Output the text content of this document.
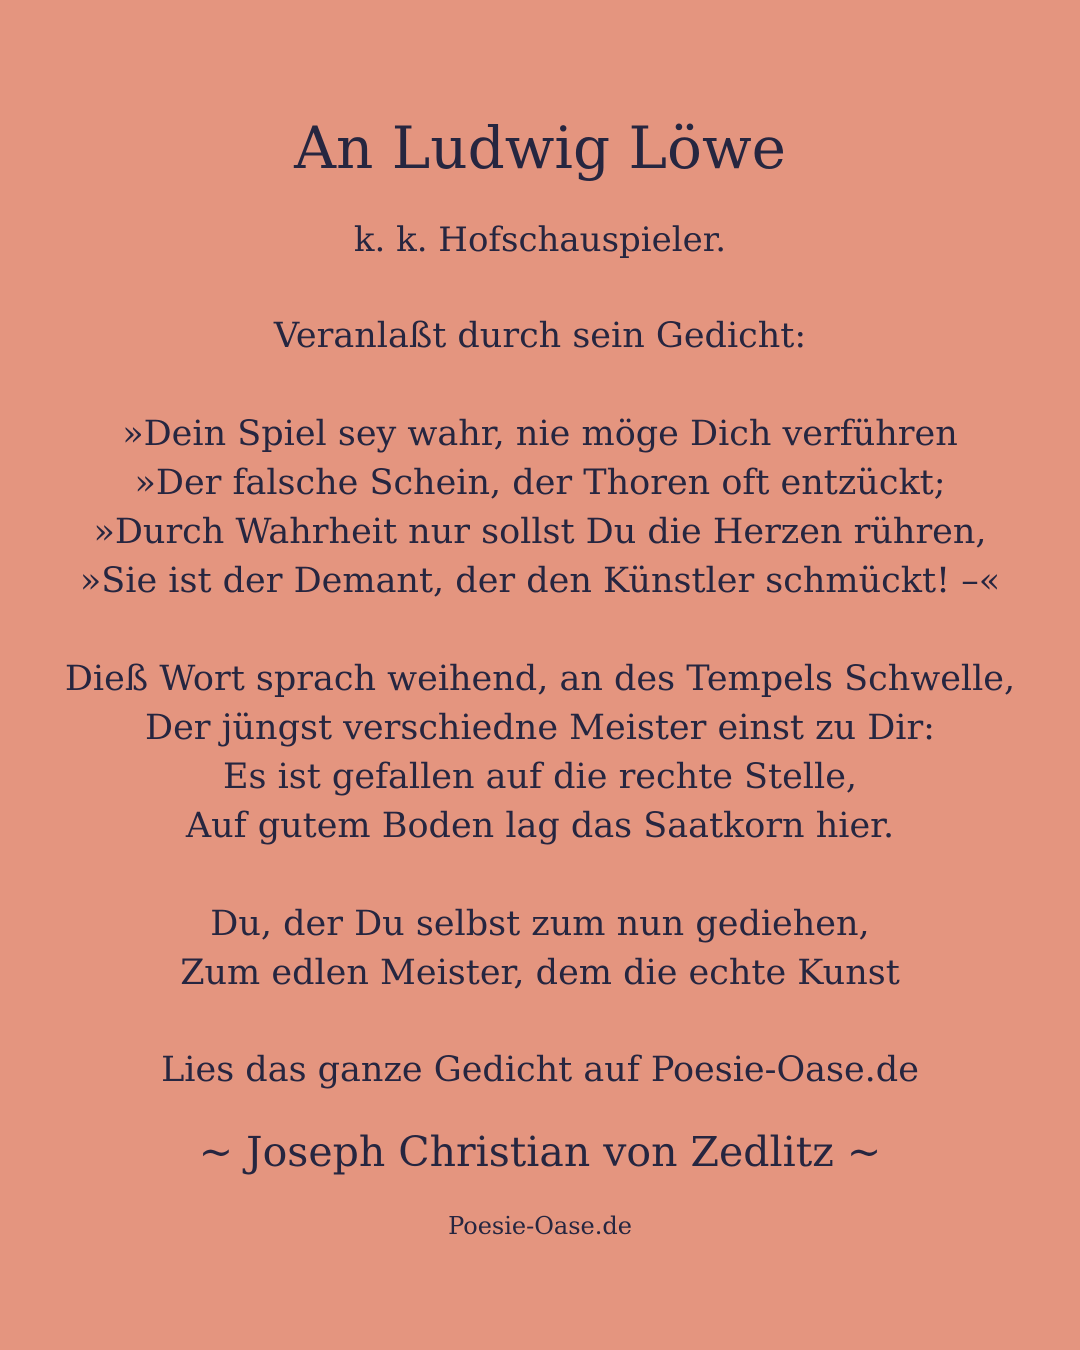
An Ludwig Löwe

k. k. Hofschauspieler.

Veranlaßt durch sein Gedicht:

»Dein Spiel sey wahr, nie möge Dich verführen
»Der falsche Schein, der Thoren oft entzückt;
»Durch Wahrheit nur sollst Du die Herzen rühren,
»Sie ist der Demant, der den Künstler schmückt! –«

Dieß Wort sprach weihend, an des Tempels Schwelle,
Der jüngst verschiedne Meister einst zu Dir:
Es ist gefallen auf die rechte Stelle,
Auf gutem Boden lag das Saatkorn hier.

Du, der Du selbst zum nun gediehen,
Zum edlen Meister, dem die echte Kunst

Lies das ganze Gedicht auf Poesie-Oase.de

~ Joseph Christian von Zedlitz ~

Poesie-Oase.de
